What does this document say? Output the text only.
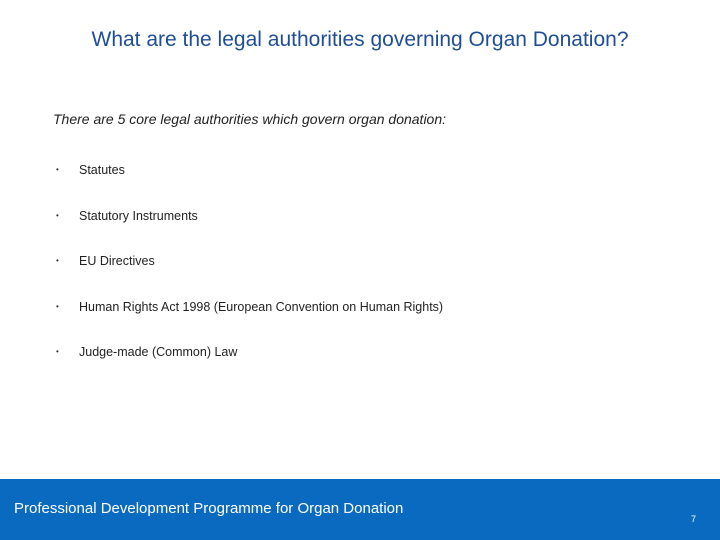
What are the legal authorities governing Organ Donation?

There are 5 core legal authorities which govern organ donation:

•	Statutes
•	Statutory Instruments
•	EU Directives
•	Human Rights Act 1998 (European Convention on Human Rights)
•	Judge-made (Common) Law
Professional Development Programme for Organ Donation
7
